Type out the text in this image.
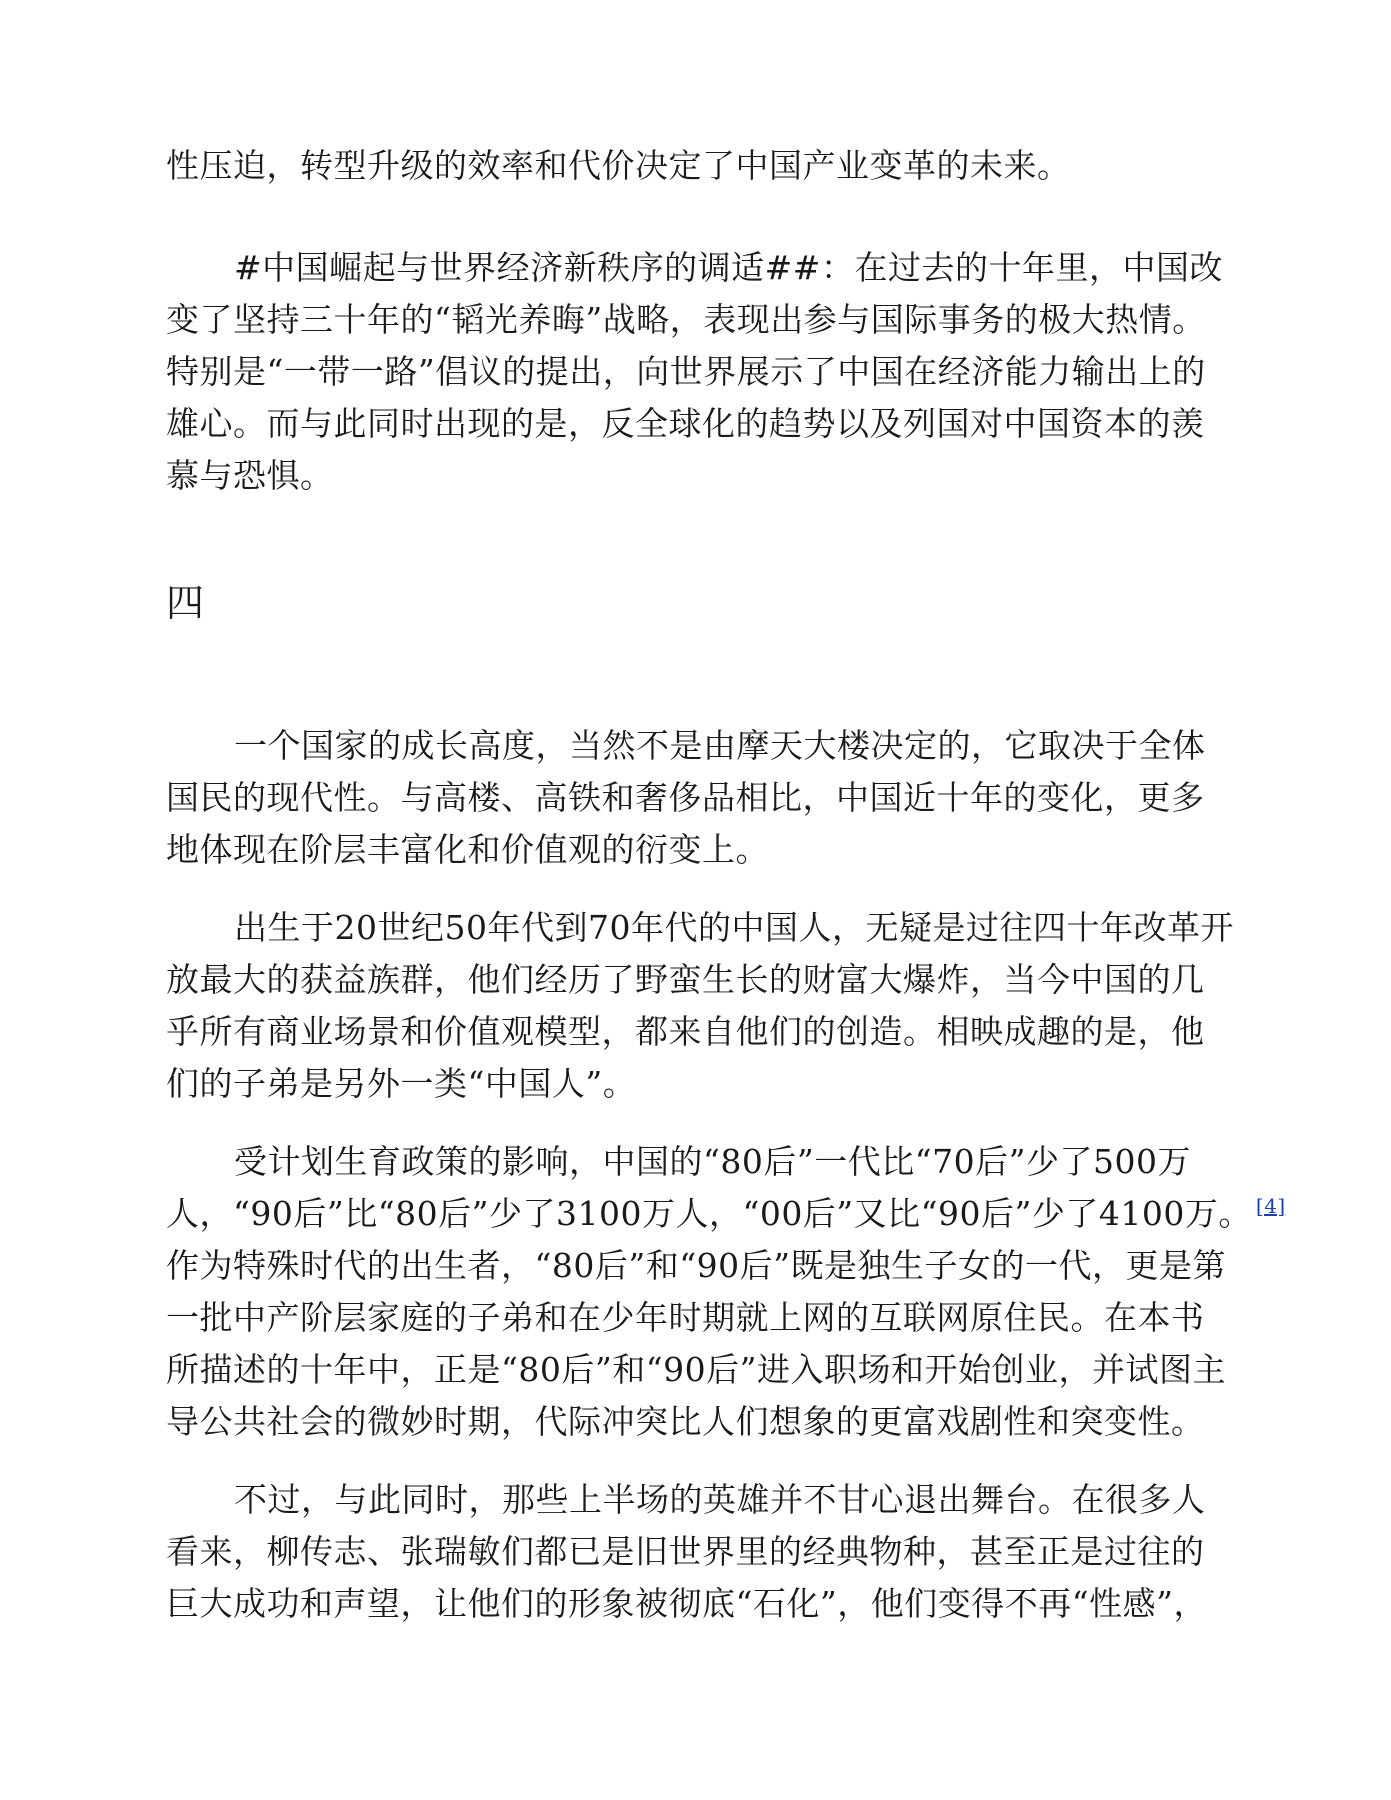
性压迫，转型升级的效率和代价决定了中国产业变革的未来。

#中国崛起与世界经济新秩序的调适##：在过去的十年里，中国改
变了坚持三十年的“韬光养晦”战略，表现出参与国际事务的极大热情。
特别是“一带一路”倡议的提出，向世界展示了中国在经济能力输出上的
雄心。而与此同时出现的是，反全球化的趋势以及列国对中国资本的羡
慕与恐惧。

四

一个国家的成长高度，当然不是由摩天大楼决定的，它取决于全体
国民的现代性。与高楼、高铁和奢侈品相比，中国近十年的变化，更多
地体现在阶层丰富化和价值观的衍变上。

出生于20世纪50年代到70年代的中国人，无疑是过往四十年改革开
放最大的获益族群，他们经历了野蛮生长的财富大爆炸，当今中国的几
乎所有商业场景和价值观模型，都来自他们的创造。相映成趣的是，他
们的子弟是另外一类“中国人”。

受计划生育政策的影响，中国的“80后”一代比“70后”少了500万
人，“90后”比“80后”少了3100万人，“00后”又比“90后”少了4100万。 [4]
作为特殊时代的出生者，“80后”和“90后”既是独生子女的一代，更是第
一批中产阶层家庭的子弟和在少年时期就上网的互联网原住民。在本书
所描述的十年中，正是“80后”和“90后”进入职场和开始创业，并试图主
导公共社会的微妙时期，代际冲突比人们想象的更富戏剧性和突变性。

不过，与此同时，那些上半场的英雄并不甘心退出舞台。在很多人
看来，柳传志、张瑞敏们都已是旧世界里的经典物种，甚至正是过往的
巨大成功和声望，让他们的形象被彻底“石化”，他们变得不再“性感”，
